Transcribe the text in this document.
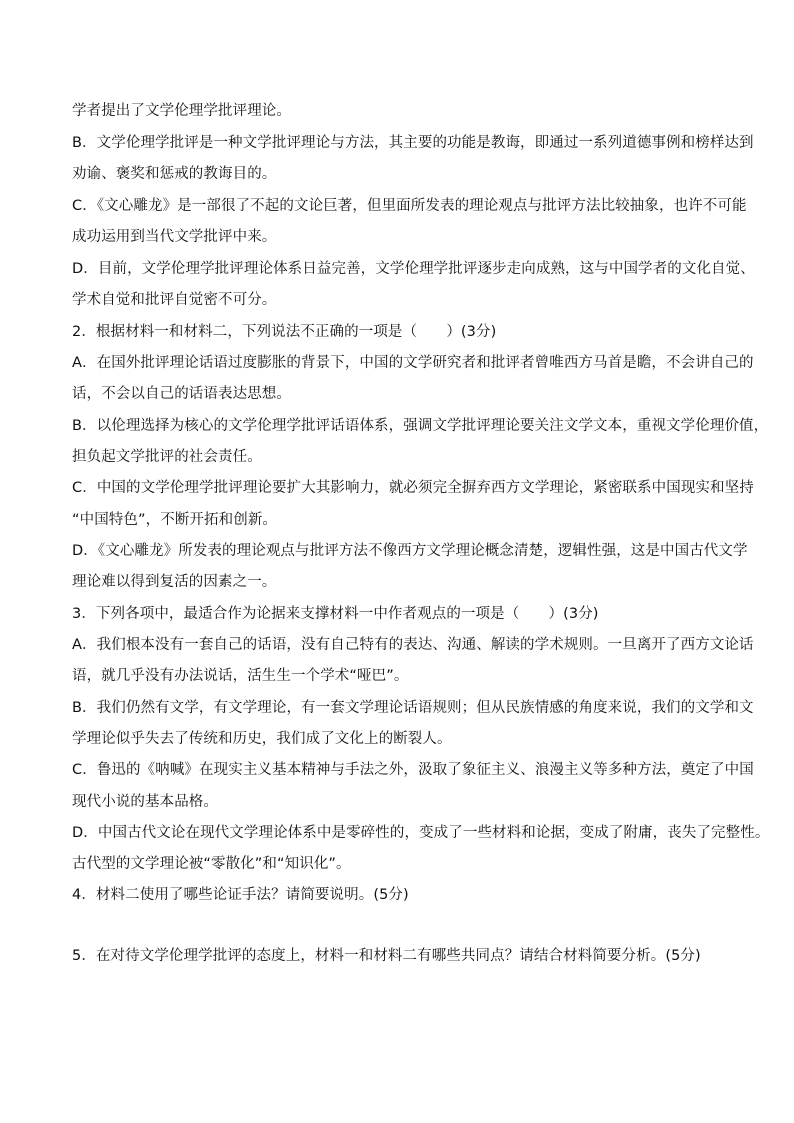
学者提出了文学伦理学批评理论。
B．文学伦理学批评是一种文学批评理论与方法，其主要的功能是教诲，即通过一系列道德事例和榜样达到
劝谕、褒奖和惩戒的教诲目的。
C．《文心雕龙》是一部很了不起的文论巨著，但里面所发表的理论观点与批评方法比较抽象，也许不可能
成功运用到当代文学批评中来。
D．目前，文学伦理学批评理论体系日益完善，文学伦理学批评逐步走向成熟，这与中国学者的文化自觉、
学术自觉和批评自觉密不可分。
2．根据材料一和材料二，下列说法不正确的一项是（　　）(3分)
A．在国外批评理论话语过度膨胀的背景下，中国的文学研究者和批评者曾唯西方马首是瞻，不会讲自己的
话，不会以自己的话语表达思想。
B．以伦理选择为核心的文学伦理学批评话语体系，强调文学批评理论要关注文学文本，重视文学伦理价值，
担负起文学批评的社会责任。
C．中国的文学伦理学批评理论要扩大其影响力，就必须完全摒弃西方文学理论，紧密联系中国现实和坚持
“中国特色”，不断开拓和创新。
D．《文心雕龙》所发表的理论观点与批评方法不像西方文学理论概念清楚，逻辑性强，这是中国古代文学
理论难以得到复活的因素之一。
3．下列各项中，最适合作为论据来支撑材料一中作者观点的一项是（　　）(3分)
A．我们根本没有一套自己的话语，没有自己特有的表达、沟通、解读的学术规则。一旦离开了西方文论话
语，就几乎没有办法说话，活生生一个学术“哑巴”。
B．我们仍然有文学，有文学理论，有一套文学理论话语规则；但从民族情感的角度来说，我们的文学和文
学理论似乎失去了传统和历史，我们成了文化上的断裂人。
C．鲁迅的《呐喊》在现实主义基本精神与手法之外，汲取了象征主义、浪漫主义等多种方法，奠定了中国
现代小说的基本品格。
D．中国古代文论在现代文学理论体系中是零碎性的，变成了一些材料和论据，变成了附庸，丧失了完整性。
古代型的文学理论被“零散化”和“知识化”。
4．材料二使用了哪些论证手法？请简要说明。(5分)
5．在对待文学伦理学批评的态度上，材料一和材料二有哪些共同点？请结合材料简要分析。(5分)
